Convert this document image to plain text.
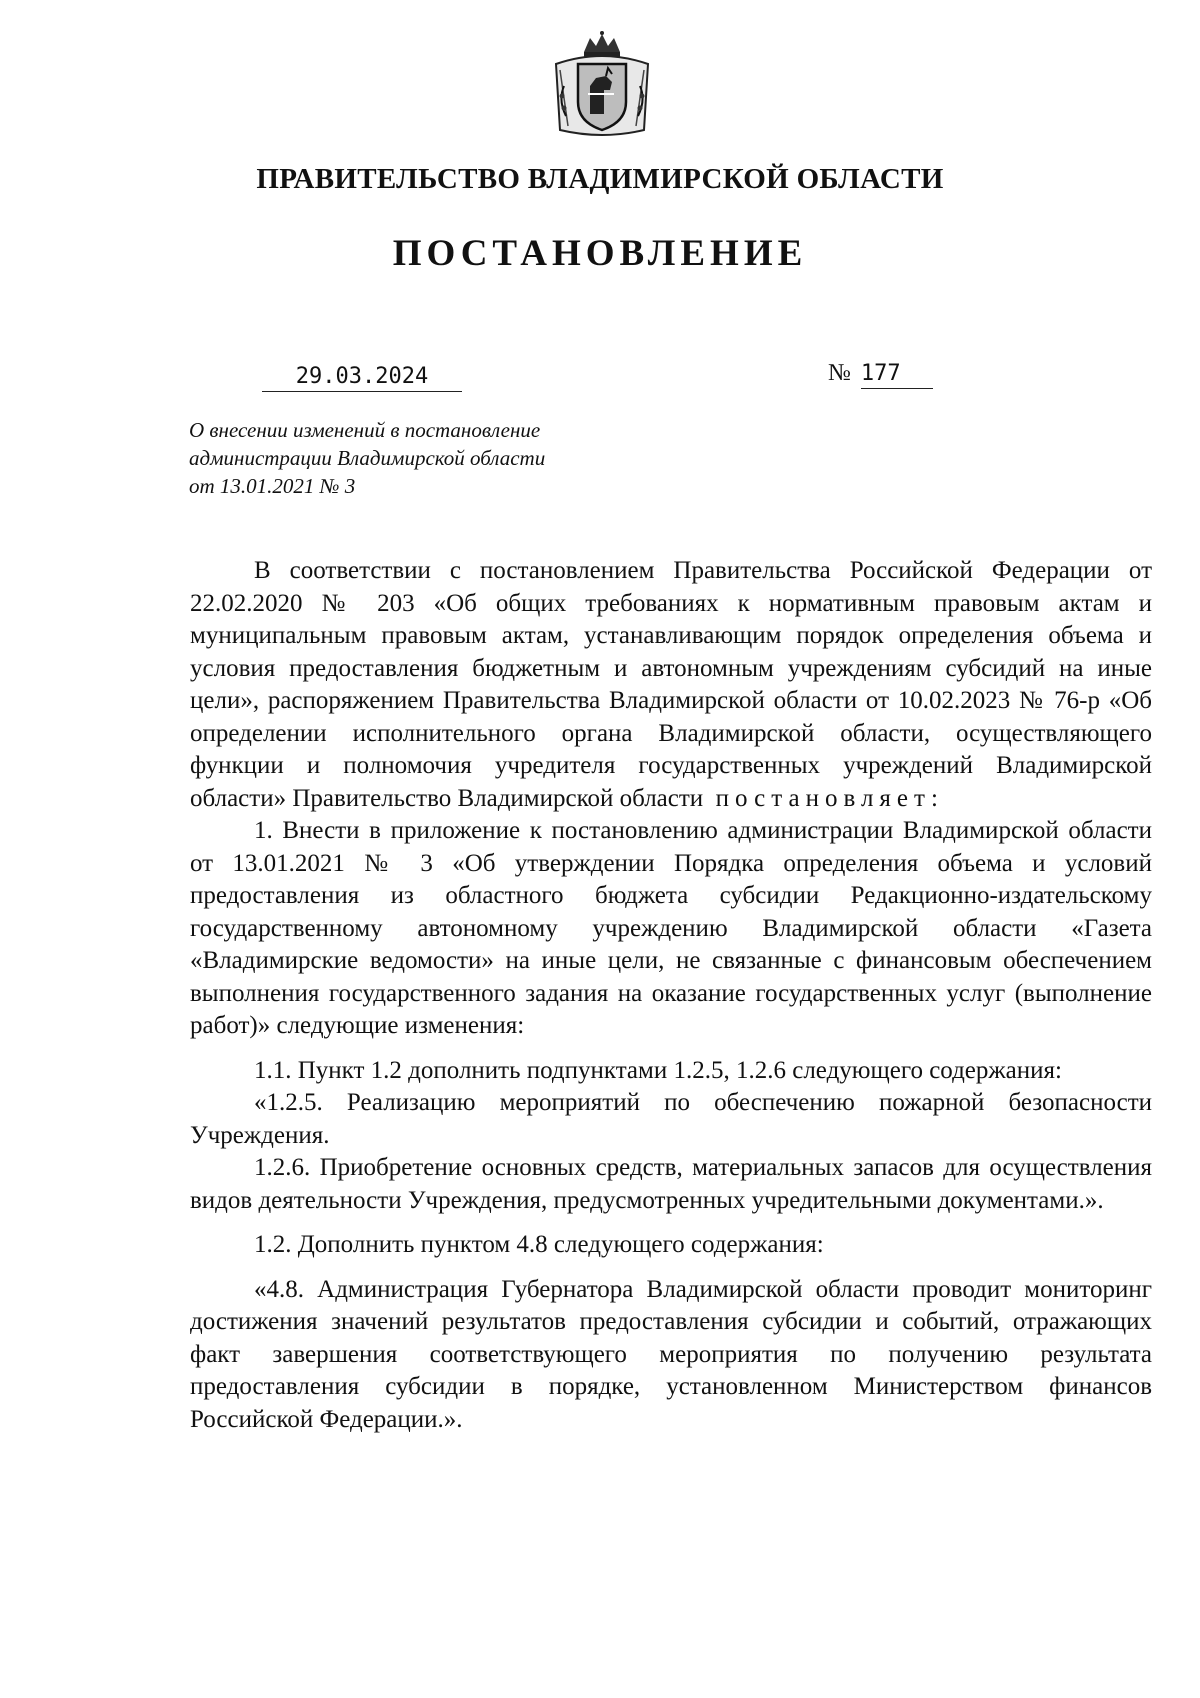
ПРАВИТЕЛЬСТВО ВЛАДИМИРСКОЙ ОБЛАСТИ
ПОСТАНОВЛЕНИЕ
29.03.2024	№ 177
О внесении изменений в постановление
администрации Владимирской области
от 13.01.2021 № 3

В соответствии с постановлением Правительства Российской Федерации от 22.02.2020 № 203 «Об общих требованиях к нормативным правовым актам и муниципальным правовым актам, устанавливающим порядок определения объема и условия предоставления бюджетным и автономным учреждениям субсидий на иные цели», распоряжением Правительства Владимирской области от 10.02.2023 № 76-р «Об определении исполнительного органа Владимирской области, осуществляющего функции и полномочия учредителя государственных учреждений Владимирской области» Правительство Владимирской области постановляет:

1. Внести в приложение к постановлению администрации Владимирской области от 13.01.2021 № 3 «Об утверждении Порядка определения объема и условий предоставления из областного бюджета субсидии Редакционно-издательскому государственному автономному учреждению Владимирской области «Газета «Владимирские ведомости» на иные цели, не связанные с финансовым обеспечением выполнения государственного задания на оказание государственных услуг (выполнение работ)» следующие изменения:

1.1. Пункт 1.2 дополнить подпунктами 1.2.5, 1.2.6 следующего содержания:

«1.2.5. Реализацию мероприятий по обеспечению пожарной безопасности Учреждения.

1.2.6. Приобретение основных средств, материальных запасов для осуществления видов деятельности Учреждения, предусмотренных учредительными документами.».

1.2. Дополнить пунктом 4.8 следующего содержания:

«4.8. Администрация Губернатора Владимирской области проводит мониторинг достижения значений результатов предоставления субсидии и событий, отражающих факт завершения соответствующего мероприятия по получению результата предоставления субсидии в порядке, установленном Министерством финансов Российской Федерации.».
